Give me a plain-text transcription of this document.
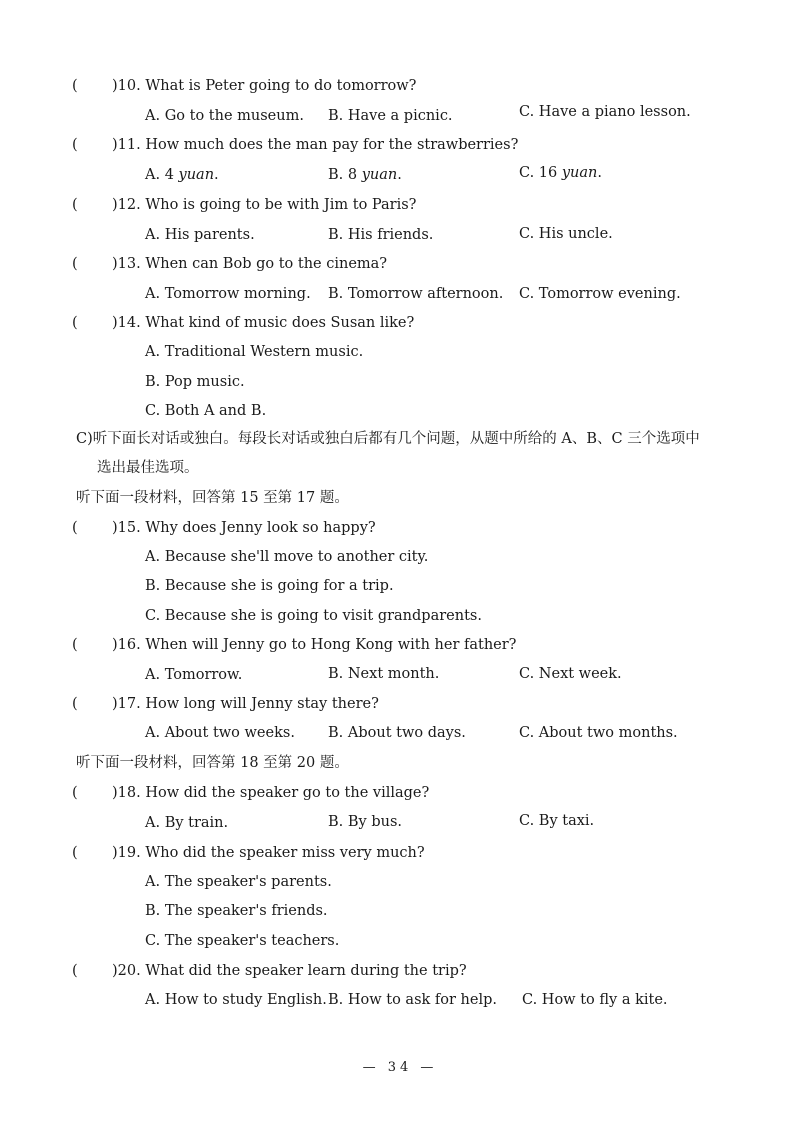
( )10. What is Peter going to do tomorrow?
A. Go to the museum. B. Have a picnic.	C. Have a piano lesson.
( )11. How much does the man pay for the strawberries?
A. 4 yuan.	B. 8 yuan.	C. 16 yuan.
( )12. Who is going to be with Jim to Paris?
A. His parents.	B. His friends.	C. His uncle.
( )13. When can Bob go to the cinema?
A. Tomorrow morning. B. Tomorrow afternoon. C. Tomorrow evening.
( )14. What kind of music does Susan like?
A. Traditional Western music.
B. Pop music.
C. Both A and B.
C)听下面长对话或独白。每段长对话或独白后都有几个问题，从题中所给的 A、B、C 三个选项中
选出最佳选项。
听下面一段材料，回答第 15 至第 17 题。
( )15. Why does Jenny look so happy?
A. Because she'll move to another city.
B. Because she is going for a trip.
C. Because she is going to visit grandparents.
( )16. When will Jenny go to Hong Kong with her father?
A. Tomorrow.	B. Next month.	C. Next week.
( )17. How long will Jenny stay there?
A. About two weeks. B. About two days.	C. About two months.
听下面一段材料，回答第 18 至第 20 题。
( )18. How did the speaker go to the village?
A. By train.	B. By bus.	C. By taxi.
( )19. Who did the speaker miss very much?
A. The speaker's parents.
B. The speaker's friends.
C. The speaker's teachers.
( )20. What did the speaker learn during the trip?
A. How to study English. B. How to ask for help. C. How to fly a kite.
— 34 —
